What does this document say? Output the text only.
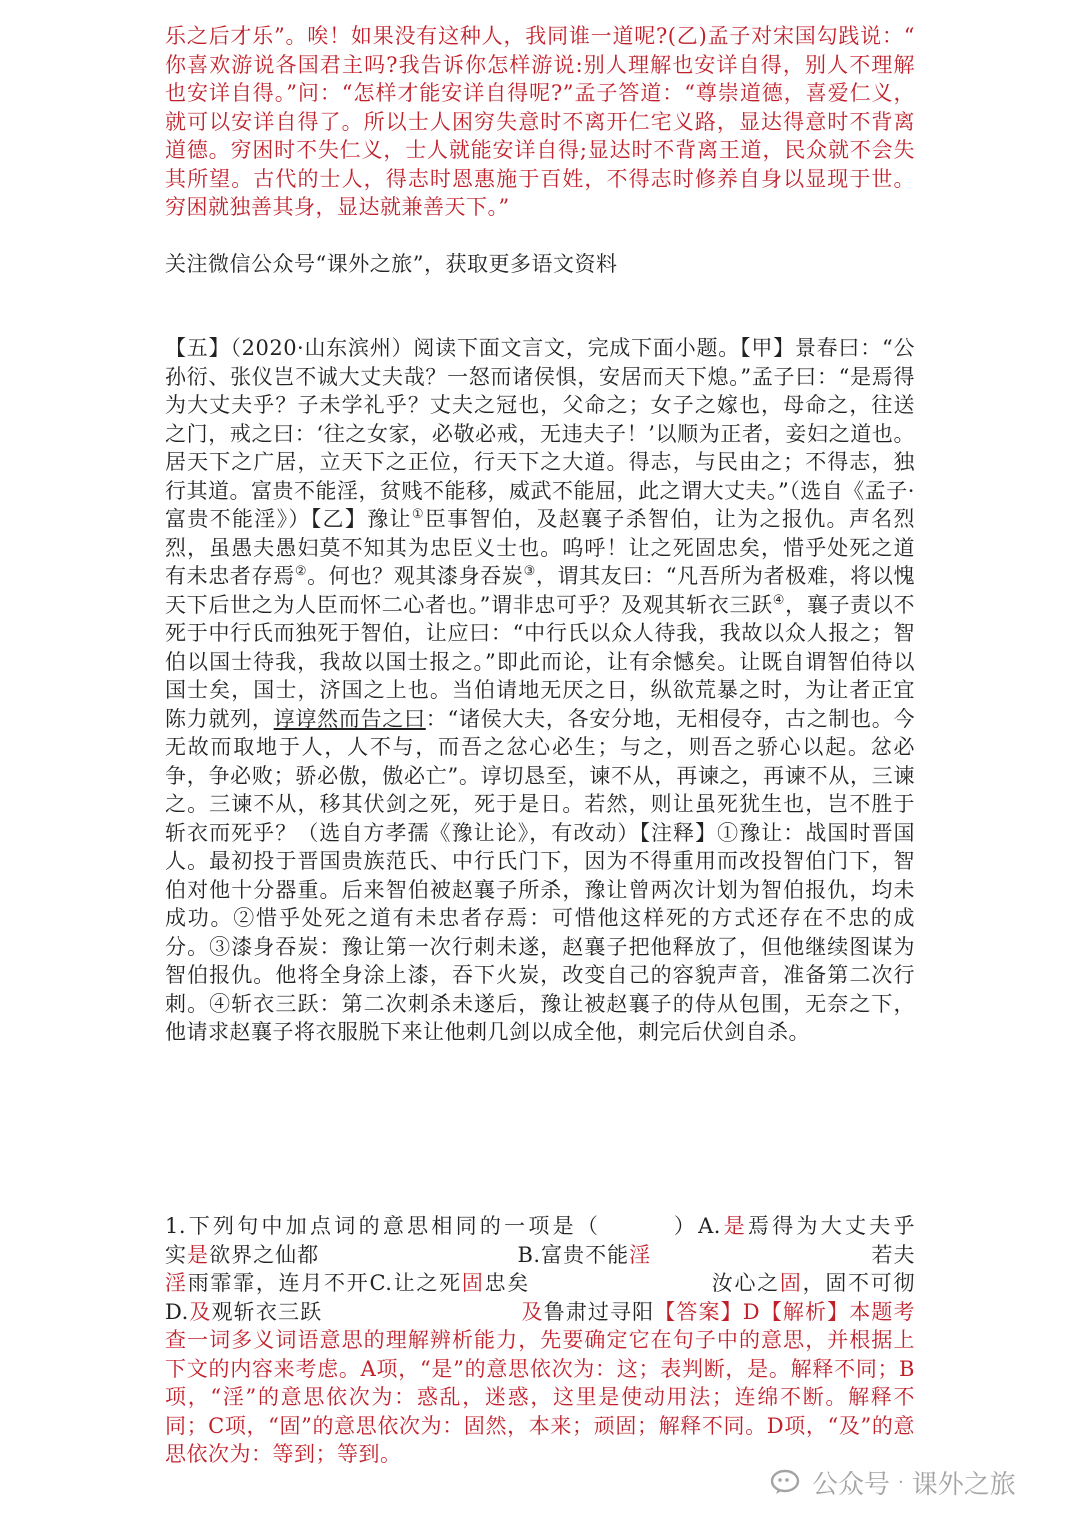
乐之后才乐”。唉！如果没有这种人，我同谁一道呢?(乙)孟子对宋国勾践说：“ 你喜欢游说各国君主吗?我告诉你怎样游说:别人理解也安详自得，别人不理解也安详自得。”问：“怎样才能安详自得呢?”孟子答道：“尊崇道德，喜爱仁义，就可以安详自得了。所以士人困穷失意时不离开仁宅义路，显达得意时不背离道德。穷困时不失仁义，士人就能安详自得;显达时不背离王道，民众就不会失其所望。古代的士人，得志时恩惠施于百姓，不得志时修养自身以显现于世。穷困就独善其身，显达就兼善天下。”
关注微信公众号“课外之旅”，获取更多语文资料
【五】（2020·山东滨州）阅读下面文言文，完成下面小题。【甲】景春曰：“公孙衍、张仪岂不诚大丈夫哉？一怒而诸侯惧，安居而天下熄。”孟子曰：“是焉得为大丈夫乎？子未学礼乎？丈夫之冠也，父命之；女子之嫁也，母命之，往送之门，戒之曰：‘往之女家，必敬必戒，无违夫子！’以顺为正者，妾妇之道也。居天下之广居，立天下之正位，行天下之大道。得志，与民由之；不得志，独行其道。富贵不能淫，贫贱不能移，威武不能屈，此之谓大丈夫。”（选自《孟子·富贵不能淫》）【乙】豫让①臣事智伯，及赵襄子杀智伯，让为之报仇。声名烈烈，虽愚夫愚妇莫不知其为忠臣义士也。呜呼！让之死固忠矣，惜乎处死之道有未忠者存焉②。何也？观其漆身吞炭③，谓其友曰：“凡吾所为者极难，将以愧天下后世之为人臣而怀二心者也。”谓非忠可乎？及观其斩衣三跃④，襄子责以不死于中行氏而独死于智伯，让应曰：“中行氏以众人待我，我故以众人报之；智伯以国士待我，我故以国士报之。”即此而论，让有余憾矣。让既自谓智伯待以国士矣，国士，济国之上也。当伯请地无厌之日，纵欲荒暴之时，为让者正宜陈力就列，谆谆然而告之曰：“诸侯大夫，各安分地，无相侵夺，古之制也。今无故而取地于人，人不与，而吾之忿心必生；与之，则吾之骄心以起。忿必争，争必败；骄必傲，傲必亡”。谆切恳至，谏不从，再谏之，再谏不从，三谏之。三谏不从，移其伏剑之死，死于是日。若然，则让虽死犹生也，岂不胜于斩衣而死乎？（选自方孝孺《豫让论》，有改动）【注释】①豫让：战国时晋国人。最初投于晋国贵族范氏、中行氏门下，因为不得重用而改投智伯门下，智伯对他十分器重。后来智伯被赵襄子所杀，豫让曾两次计划为智伯报仇，均未成功。②惜乎处死之道有未忠者存焉：可惜他这样死的方式还存在不忠的成分。③漆身吞炭：豫让第一次行刺未遂，赵襄子把他释放了，但他继续图谋为智伯报仇。他将全身涂上漆，吞下火炭，改变自己的容貌声音，准备第二次行刺。④斩衣三跃：第二次刺杀未遂后，豫让被赵襄子的侍从包围，无奈之下，他请求赵襄子将衣服脱下来让他刺几剑以成全他，刺完后伏剑自杀。
1.下列句中加点词的意思相同的一项是（　　　）A.是焉得为大丈夫乎　　　　　实是欲界之仙都　　　　　　　　　	B.富贵不能淫　　　　　　　　　　	若夫淫雨霏霏，连月不开C.让之死固忠矣　　　　　　　　	汝心之固，固不可彻　　　　　D.及观斩衣三跃　　　　　　　　　	及鲁肃过寻阳【答案】D【解析】本题考查一词多义词语意思的理解辨析能力，先要确定它在句子中的意思，并根据上下文的内容来考虑。A项，“是”的意思依次为：这；表判断，是。解释不同；B项，“淫”的意思依次为：惑乱，迷惑，这里是使动用法；连绵不断。解释不同；C项，“固”的意思依次为：固然，本来；顽固；解释不同。D项，“及”的意思依次为：等到；等到。
公众号 · 课外之旅
